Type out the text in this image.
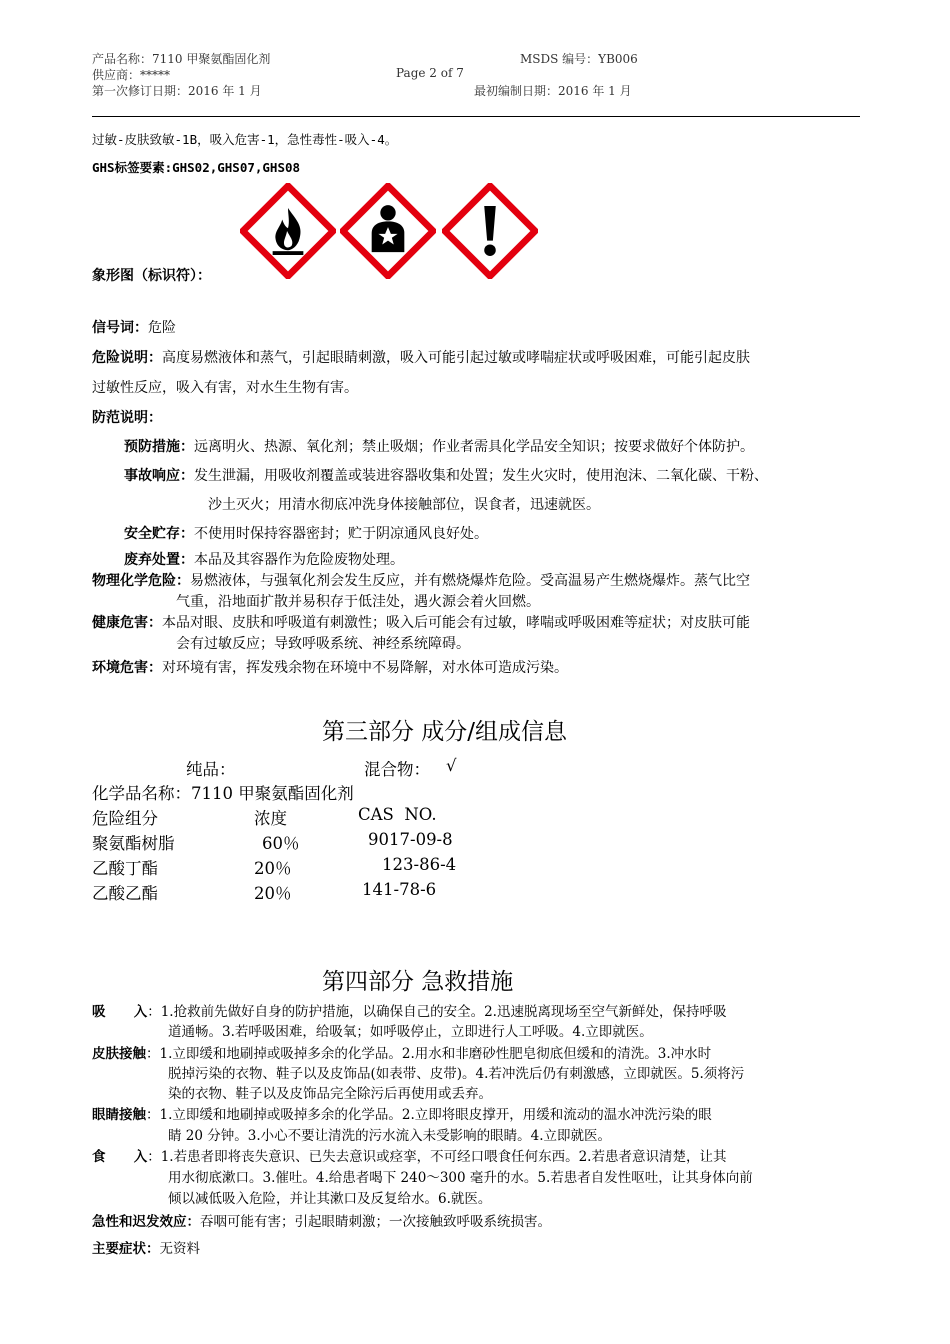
产品名称：7110 甲聚氨酯固化剂	MSDS 编号：YB006
供应商：*****	Page 2 of 7
第一次修订日期：2016 年 1 月	最初编制日期：2016 年 1 月
过敏-皮肤致敏-1B，吸入危害-1，急性毒性-吸入-4。
GHS标签要素:GHS02,GHS07,GHS08
象形图（标识符）：
信号词：危险
危险说明：高度易燃液体和蒸气，引起眼睛刺激，吸入可能引起过敏或哮喘症状或呼吸困难，可能引起皮肤
过敏性反应，吸入有害，对水生生物有害。
防范说明：
预防措施：远离明火、热源、氧化剂；禁止吸烟；作业者需具化学品安全知识；按要求做好个体防护。
事故响应：发生泄漏，用吸收剂覆盖或装进容器收集和处置；发生火灾时，使用泡沫、二氧化碳、干粉、
沙土灭火；用清水彻底冲洗身体接触部位，误食者，迅速就医。
安全贮存：不使用时保持容器密封；贮于阴凉通风良好处。
废弃处置：本品及其容器作为危险废物处理。
物理化学危险：易燃液体，与强氧化剂会发生反应，并有燃烧爆炸危险。受高温易产生燃烧爆炸。蒸气比空
气重，沿地面扩散并易积存于低洼处，遇火源会着火回燃。
健康危害：本品对眼、皮肤和呼吸道有刺激性；吸入后可能会有过敏，哮喘或呼吸困难等症状；对皮肤可能
会有过敏反应；导致呼吸系统、神经系统障碍。
环境危害：对环境有害，挥发残余物在环境中不易降解，对水体可造成污染。
第三部分 成分/组成信息
纯品：	混合物： √
化学品名称：7110 甲聚氨酯固化剂
危险组分	浓度	CAS  NO.
聚氨酯树脂	60％	9017-09-8
乙酸丁酯	20％	123-86-4
乙酸乙酯	20％	141-78-6
第四部分 急救措施
吸      入：1.抢救前先做好自身的防护措施，以确保自己的安全。2.迅速脱离现场至空气新鲜处，保持呼吸
道通畅。3.若呼吸困难，给吸氧；如呼吸停止，立即进行人工呼吸。4.立即就医。
皮肤接触：1.立即缓和地刷掉或吸掉多余的化学品。2.用水和非磨砂性肥皂彻底但缓和的清洗。3.冲水时
脱掉污染的衣物、鞋子以及皮饰品(如表带、皮带)。4.若冲洗后仍有刺激感，立即就医。5.须将污
染的衣物、鞋子以及皮饰品完全除污后再使用或丢弃。
眼睛接触：1.立即缓和地刷掉或吸掉多余的化学品。2.立即将眼皮撑开，用缓和流动的温水冲洗污染的眼
睛 20 分钟。3.小心不要让清洗的污水流入未受影响的眼睛。4.立即就医。
食      入：1.若患者即将丧失意识、已失去意识或痉挛，不可经口喂食任何东西。2.若患者意识清楚，让其
用水彻底漱口。3.催吐。4.给患者喝下 240～300 毫升的水。5.若患者自发性呕吐，让其身体向前
倾以减低吸入危险，并让其漱口及反复给水。6.就医。
急性和迟发效应：吞咽可能有害；引起眼睛刺激；一次接触致呼吸系统损害。
主要症状：无资料
